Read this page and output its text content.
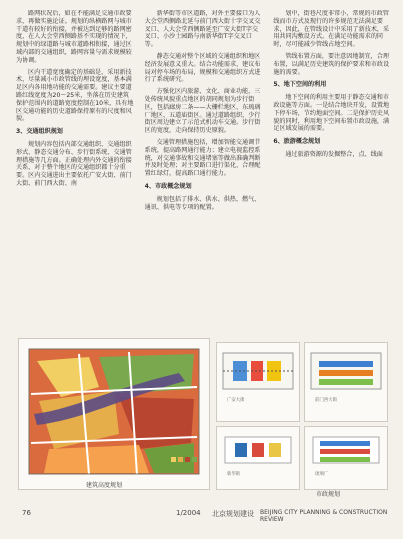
路网状况后，如在不能满足交通市政要求，再做实施论证。规划的纵横路网与城市干道有较好的衔接，并被达到足够的路网密度，在人大会堂西侧路基不实现的情况下，规划中的绿道路与城市道路相衔接，通过区域内部的交通组织，路网容量与需求规模较为协调。

区内干道宽度确定的基础是，采用新技术，尽量减小市政管线的埋设宽度，基本满足区内各用地功能的交通需要。建议主要道路红线宽度为20～25米，坐落在历史建筑保护范围内的道路宽度控制在10米，具有地区交通功能的历史道路保持原有的尺度和风貌。

3、交通组织规划

规划内容包括内部交通组织、交通组织形式、静态交通分布、步行街系统、交通管理措施等几方面。正确处理内外交通的衔接关系，对于整个地区的交通组织都十分重要。区内交通进出主要依托广安大街、前门大街、前门西大街、南

新华街等市区道路，对外主要接口为人大会堂西侧路北延与前门西大街十字交叉交叉口、人大会堂西侧路延至广安大街T字交叉口、小沙土园路与南新华街T字交叉口等。

静态交通对整个区域的交通组织和地区经济发展意义重大。结合功能需求，建议布局对停车场的布局，规模和交通组织方式进行了系统研究。

方强化区内旅游、文化、商业功能，三处传统风貌重点地区的胡同规划为步行街区，包括廊房二条——大栅栏地区、东琉璃厂地区、五道庙街区。通过道路组织，少行街区周边建立了示范式机动车交通。步行街区的宽度，走向保持历史原貌。

交通管理措施包括，增加智能交通调节系统，提高路网通行能力；建立电视监控系统，对交通事故和交通堵塞等做出准确判断并及时处理；对主要路口进行渠化，合理配置红绿灯，提高路口通行能力。

4、市政概念规划

规划包括了排水、供水、供热、燃气、通讯、供电等专项的配置。

划中，街巷尺度非常小，常规的市政管线而市方式及现行的许多规范无法满足要求，因此，在管线设计中采用了新技术，采用共同沟敷设方式。在满足功能需求的同时，尽可能减少管线占地空间。

管线布置方面，要注意因地制宜，合理布置，以满足历史建筑的保护要求和市政设施的需要。

5、地下空间的利用

地下空间的利用主要用于静态交通和市政设施等方面。一是结合地块开发，设置地下停车场，节约地面空间。二是保护历史风貌的同时，利用地下空间布置市政设施，满足区域发展的需要。

6、旅游概念规划

通过旅游资源的发掘整合，点、线面

建筑高度规划
广安大街	前门西大街
新华街	琉璃厂
市政规划
76	1/2004 北京规划建设 BEIJING CITY PLANNING & CONSTRUCTION REVIEW
